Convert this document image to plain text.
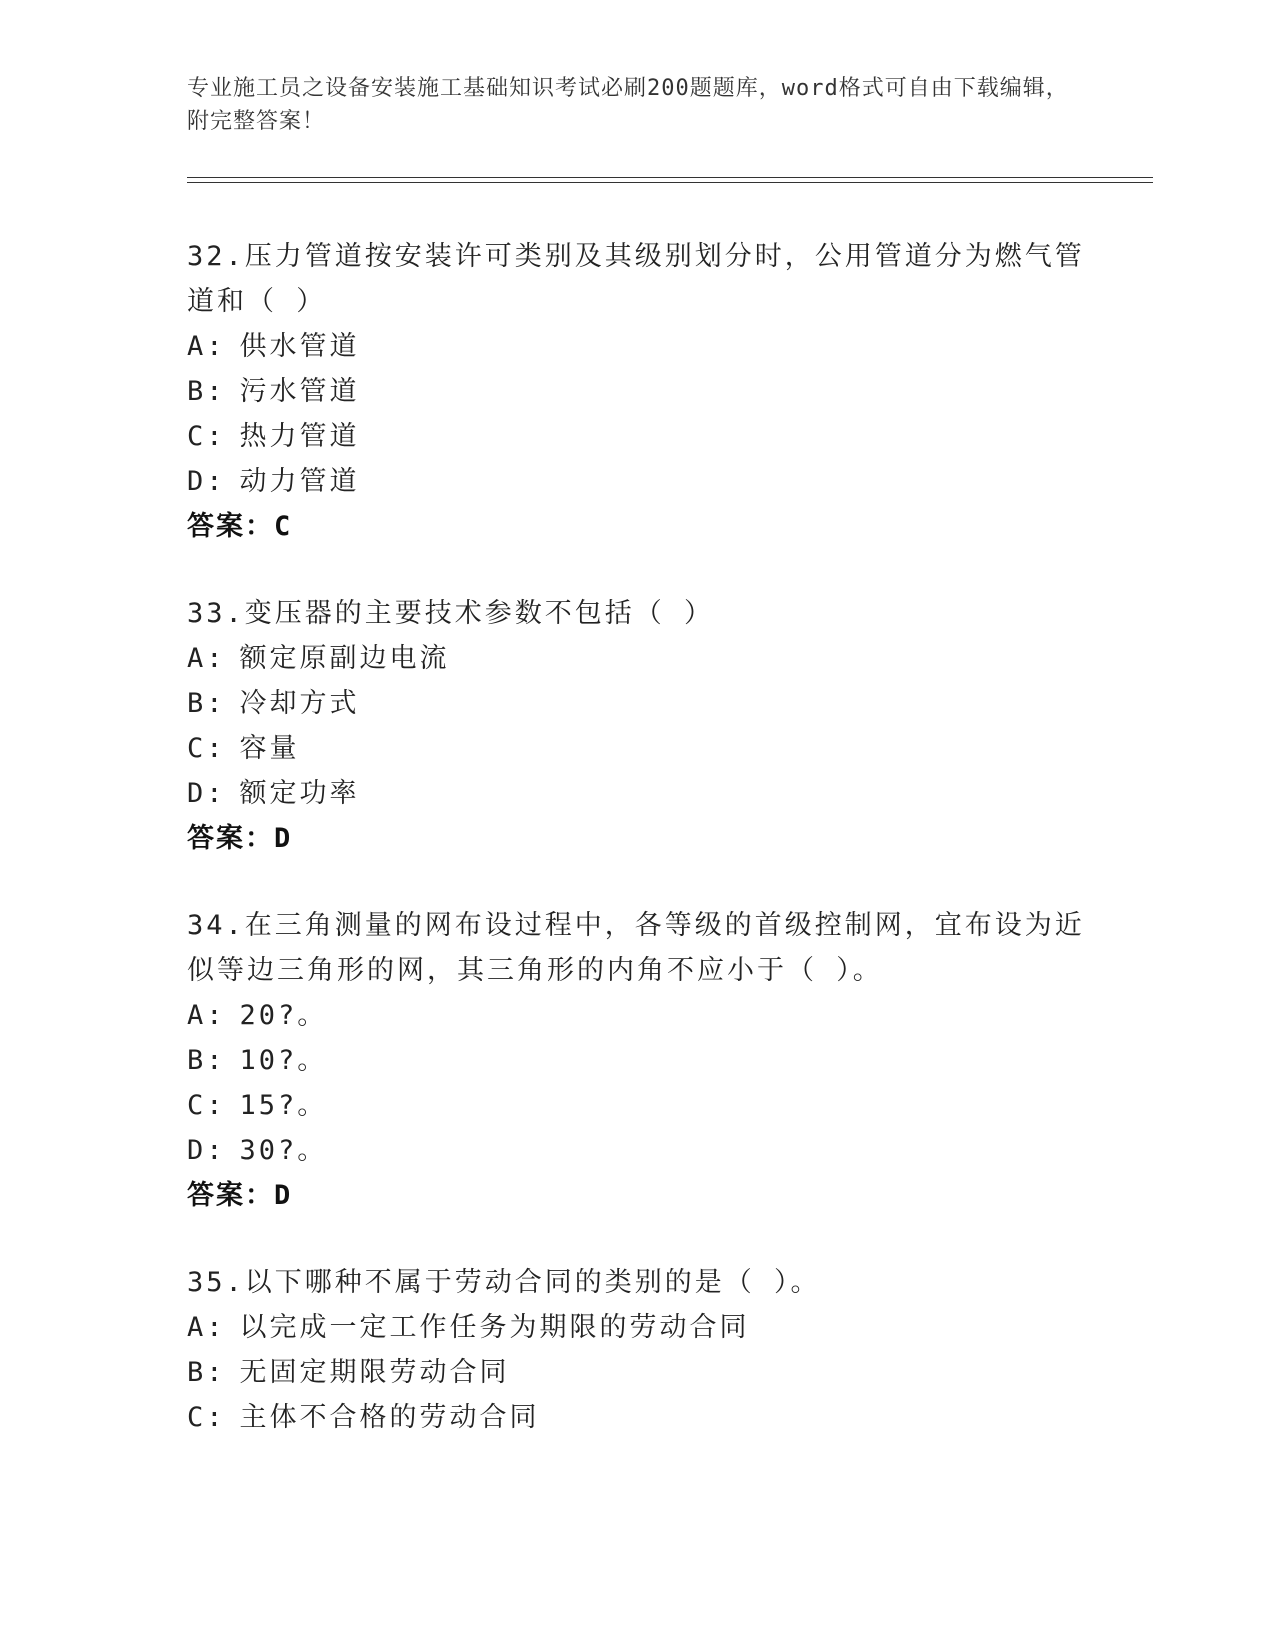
专业施工员之设备安装施工基础知识考试必刷200题题库，word格式可自由下载编辑，附完整答案！

32.压力管道按安装许可类别及其级别划分时，公用管道分为燃气管道和（ ）

A: 供水管道

B: 污水管道

C: 热力管道

D: 动力管道

答案：C

33.变压器的主要技术参数不包括（ ）

A: 额定原副边电流

B: 冷却方式

C: 容量

D: 额定功率

答案：D

34.在三角测量的网布设过程中，各等级的首级控制网，宜布设为近似等边三角形的网，其三角形的内角不应小于（ ）。

A: 20?。

B: 10?。

C: 15?。

D: 30?。

答案：D

35.以下哪种不属于劳动合同的类别的是（ ）。

A: 以完成一定工作任务为期限的劳动合同

B: 无固定期限劳动合同

C: 主体不合格的劳动合同
